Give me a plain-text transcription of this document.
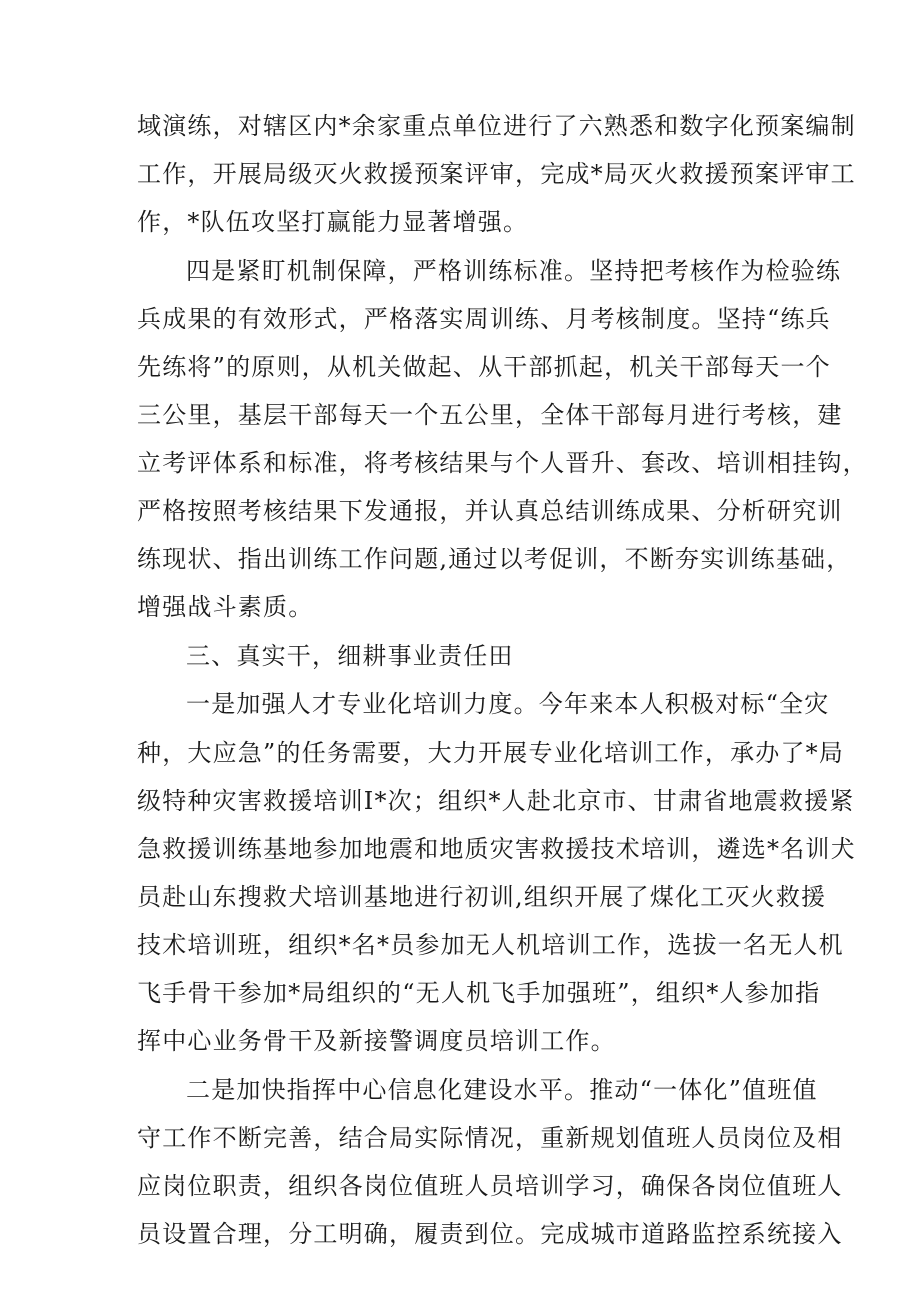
域演练，对辖区内*余家重点单位进行了六熟悉和数字化预案编制
工作，开展局级灭火救援预案评审，完成*局灭火救援预案评审工
作，*队伍攻坚打赢能力显著增强。
四是紧盯机制保障，严格训练标准。坚持把考核作为检验练
兵成果的有效形式，严格落实周训练、月考核制度。坚持“练兵
先练将”的原则，从机关做起、从干部抓起，机关干部每天一个
三公里，基层干部每天一个五公里，全体干部每月进行考核，建
立考评体系和标准，将考核结果与个人晋升、套改、培训相挂钩，
严格按照考核结果下发通报，并认真总结训练成果、分析研究训
练现状、指出训练工作问题,通过以考促训，不断夯实训练基础，
增强战斗素质。
三、真实干，细耕事业责任田
一是加强人才专业化培训力度。今年来本人积极对标“全灾
种，大应急”的任务需要，大力开展专业化培训工作，承办了*局
级特种灾害救援培训I*次；组织*人赴北京市、甘肃省地震救援紧
急救援训练基地参加地震和地质灾害救援技术培训，遴选*名训犬
员赴山东搜救犬培训基地进行初训,组织开展了煤化工灭火救援
技术培训班，组织*名*员参加无人机培训工作，选拔一名无人机
飞手骨干参加*局组织的“无人机飞手加强班”，组织*人参加指
挥中心业务骨干及新接警调度员培训工作。
二是加快指挥中心信息化建设水平。推动“一体化”值班值
守工作不断完善，结合局实际情况，重新规划值班人员岗位及相
应岗位职责，组织各岗位值班人员培训学习，确保各岗位值班人
员设置合理，分工明确，履责到位。完成城市道路监控系统接入
